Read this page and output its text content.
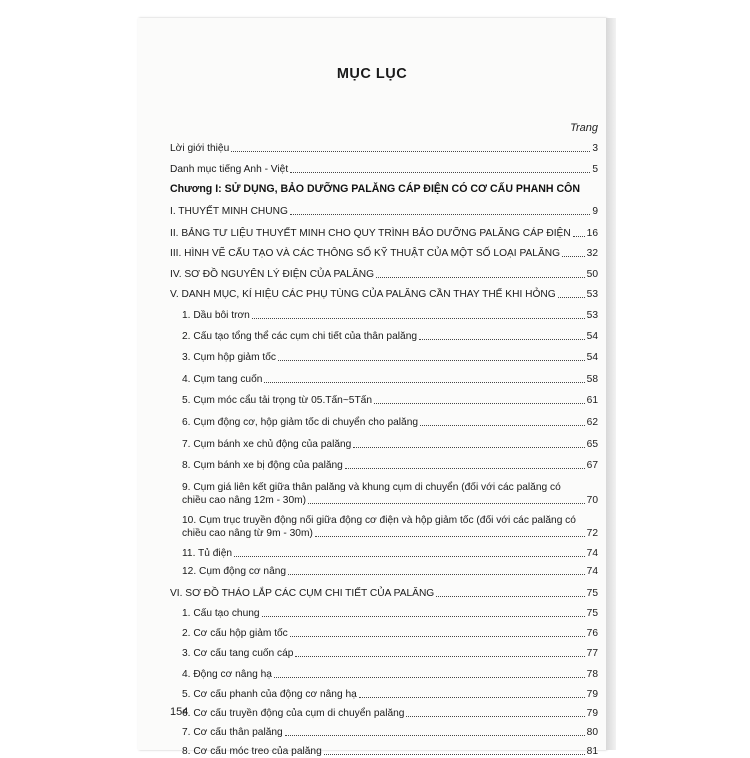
MỤC LỤC
Trang
Lời giới thiệu	3
Danh mục tiếng Anh - Việt	5
Chương I: SỬ DỤNG, BẢO DƯỠNG PALĂNG CÁP ĐIỆN CÓ CƠ CẤU PHANH CÔN
I. THUYẾT MINH CHUNG	9
II. BẢNG TƯ LIỆU THUYẾT MINH CHO QUY TRÌNH BẢO DƯỠNG PALĂNG CÁP ĐIỆN 16
III. HÌNH VẼ CẤU TẠO VÀ CÁC THÔNG SỐ KỸ THUẬT CỦA MỘT SỐ LOẠI PALĂNG	32
IV. SƠ ĐỒ NGUYÊN LÝ ĐIỆN CỦA PALĂNG	50
V. DANH MỤC, KÍ HIỆU CÁC PHỤ TÙNG CỦA PALĂNG CẦN THAY THẾ KHI HỎNG	53
1. Dầu bôi trơn	53
2. Cấu tạo tổng thể các cụm chi tiết của thân palăng	54
3. Cụm hộp giảm tốc	54
4. Cụm tang cuốn	58
5. Cụm móc cẩu tải trọng từ 05.Tấn~5Tấn	61
6. Cụm động cơ, hộp giảm tốc di chuyển cho palăng	62
7. Cụm bánh xe chủ động của palăng	65
8. Cụm bánh xe bị động của palăng	67
9. Cụm giá liên kết giữa thân palăng và khung cụm di chuyển (đối với các palăng có
chiều cao nâng 12m - 30m)	70
10. Cụm trục truyền động nối giữa động cơ điện và hộp giảm tốc (đối với các palăng có
chiều cao nâng từ 9m - 30m)	72
11. Tủ điện	74
12. Cụm động cơ nâng	74
VI. SƠ ĐỒ THÁO LẮP CÁC CỤM CHI TIẾT CỦA PALĂNG	75
1. Cấu tạo chung	75
2. Cơ cấu hộp giảm tốc	76
3. Cơ cấu tang cuốn cáp	77
4. Động cơ nâng hạ	78
5. Cơ cấu phanh của động cơ nâng hạ	79
6. Cơ cấu truyền động của cụm di chuyển palăng	79
7. Cơ cấu thân palăng	80
8. Cơ cấu móc treo của palăng	81
154
